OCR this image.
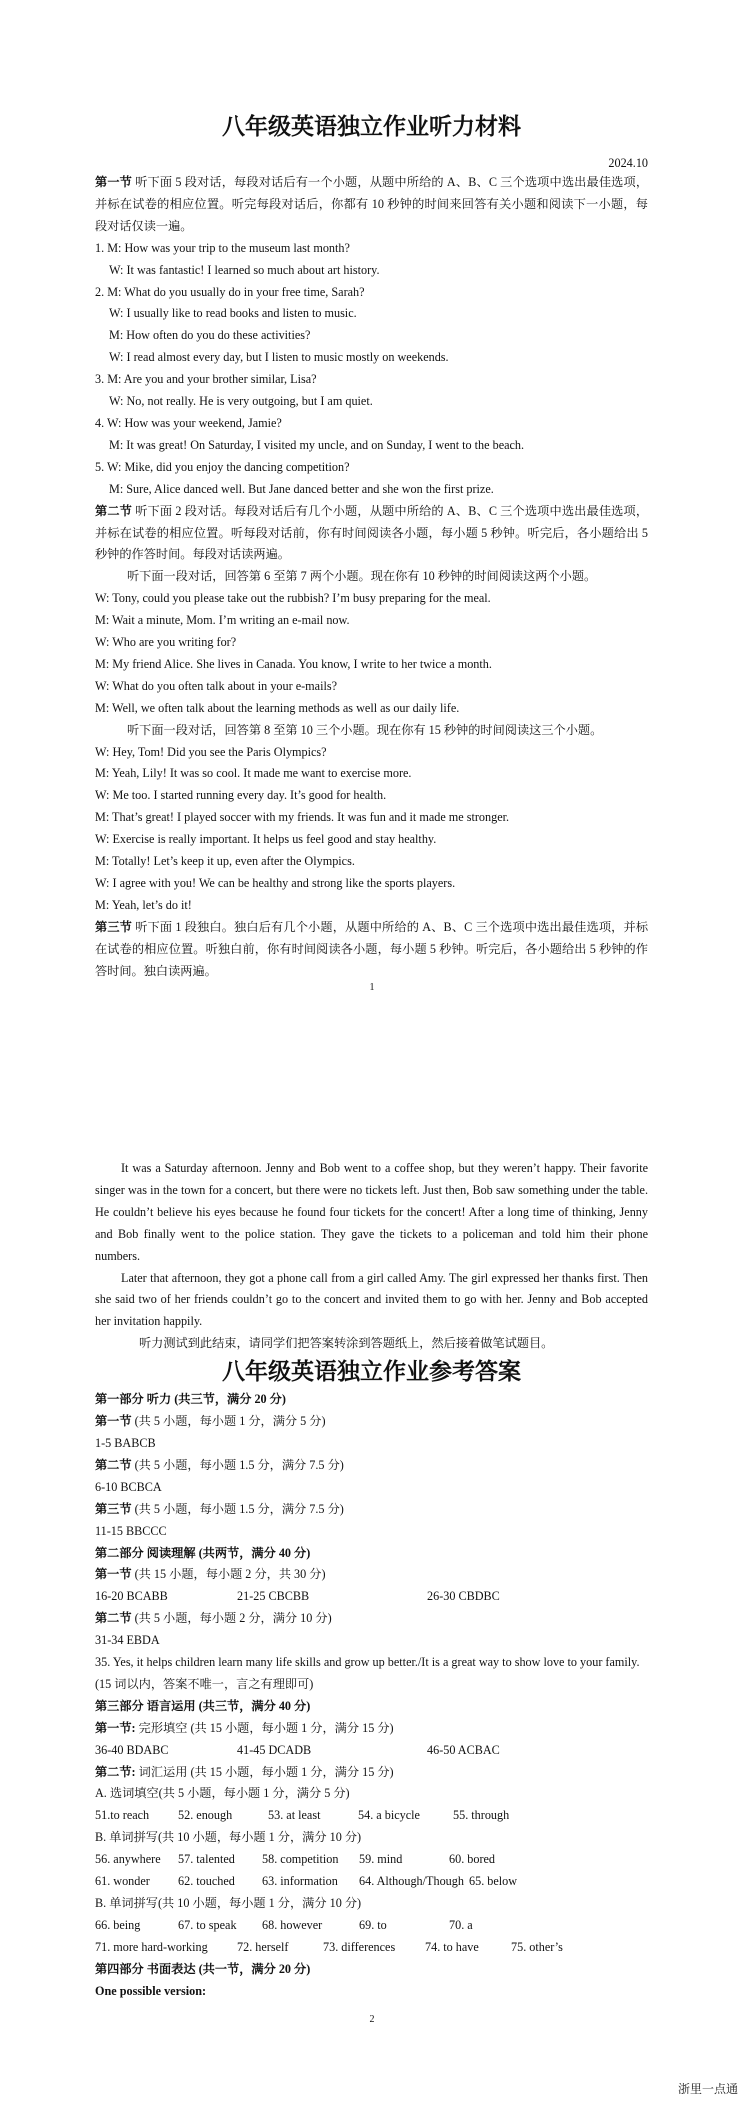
八年级英语独立作业听力材料
2024.10
第一节 听下面 5 段对话，每段对话后有一个小题，从题中所给的 A、B、C 三个选项中选出最佳选项，并标在试卷的相应位置。听完每段对话后，你都有 10 秒钟的时间来回答有关小题和阅读下一小题，每段对话仅读一遍。
1. M: How was your trip to the museum last month?
W: It was fantastic! I learned so much about art history.
2. M: What do you usually do in your free time, Sarah?
W: I usually like to read books and listen to music.
M: How often do you do these activities?
W: I read almost every day, but I listen to music mostly on weekends.
3. M: Are you and your brother similar, Lisa?
W: No, not really. He is very outgoing, but I am quiet.
4. W: How was your weekend, Jamie?
M: It was great! On Saturday, I visited my uncle, and on Sunday, I went to the beach.
5. W: Mike, did you enjoy the dancing competition?
M: Sure, Alice danced well. But Jane danced better and she won the first prize.
第二节 听下面 2 段对话。每段对话后有几个小题，从题中所给的 A、B、C 三个选项中选出最佳选项，并标在试卷的相应位置。听每段对话前，你有时间阅读各小题，每小题 5 秒钟。听完后，各小题给出 5 秒钟的作答时间。每段对话读两遍。
听下面一段对话，回答第 6 至第 7 两个小题。现在你有 10 秒钟的时间阅读这两个小题。
W: Tony, could you please take out the rubbish? I’m busy preparing for the meal.
M: Wait a minute, Mom. I’m writing an e-mail now.
W: Who are you writing for?
M: My friend Alice. She lives in Canada. You know, I write to her twice a month.
W: What do you often talk about in your e-mails?
M: Well, we often talk about the learning methods as well as our daily life.
听下面一段对话，回答第 8 至第 10 三个小题。现在你有 15 秒钟的时间阅读这三个小题。
W: Hey, Tom! Did you see the Paris Olympics?
M: Yeah, Lily! It was so cool. It made me want to exercise more.
W: Me too. I started running every day. It’s good for health.
M: That’s great! I played soccer with my friends. It was fun and it made me stronger.
W: Exercise is really important. It helps us feel good and stay healthy.
M: Totally! Let’s keep it up, even after the Olympics.
W: I agree with you! We can be healthy and strong like the sports players.
M: Yeah, let’s do it!
第三节 听下面 1 段独白。独白后有几个小题，从题中所给的 A、B、C 三个选项中选出最佳选项，并标在试卷的相应位置。听独白前，你有时间阅读各小题，每小题 5 秒钟。听完后，各小题给出 5 秒钟的作答时间。独白读两遍。
1
It was a Saturday afternoon. Jenny and Bob went to a coffee shop, but they weren’t happy. Their favorite singer was in the town for a concert, but there were no tickets left. Just then, Bob saw something under the table. He couldn’t believe his eyes because he found four tickets for the concert! After a long time of thinking, Jenny and Bob finally went to the police station. They gave the tickets to a policeman and told him their phone numbers.
Later that afternoon, they got a phone call from a girl called Amy. The girl expressed her thanks first. Then she said two of her friends couldn’t go to the concert and invited them to go with her. Jenny and Bob accepted her invitation happily.
听力测试到此结束，请同学们把答案转涂到答题纸上，然后接着做笔试题目。
八年级英语独立作业参考答案
第一部分 听力 (共三节，满分 20 分)
第一节 (共 5 小题，每小题 1 分，满分 5 分)
1-5 BABCB
第二节 (共 5 小题，每小题 1.5 分，满分 7.5 分)
6-10 BCBCA
第三节 (共 5 小题，每小题 1.5 分，满分 7.5 分)
11-15 BBCCC
第二部分 阅读理解 (共两节，满分 40 分)
第一节 (共 15 小题，每小题 2 分，共 30 分)
16-20 BCABB	21-25 CBCBB	26-30 CBDBC
第二节 (共 5 小题，每小题 2 分，满分 10 分)
31-34 EBDA
35. Yes, it helps children learn many life skills and grow up better./It is a great way to show love to your family.
(15 词以内，答案不唯一，言之有理即可)
第三部分 语言运用 (共三节，满分 40 分)
第一节: 完形填空 (共 15 小题，每小题 1 分，满分 15 分)
36-40 BDABC	41-45 DCADB	46-50 ACBAC
第二节: 词汇运用 (共 15 小题，每小题 1 分，满分 15 分)
A. 选词填空(共 5 小题，每小题 1 分，满分 5 分)
51.to reach 52. enough	53. at least	54. a bicycle	55. through
B. 单词拼写(共 10 小题，每小题 1 分，满分 10 分)
56. anywhere 57. talented 58. competition 59. mind	60. bored
61. wonder 62. touched 63. information 64. Although/Though 65. below
B. 单词拼写(共 10 小题，每小题 1 分，满分 10 分)
66. being	67. to speak 68. however	69. to	70. a
71. more hard-working 72. herself	73. differences 74. to have	75. other’s
第四部分 书面表达 (共一节，满分 20 分)
One possible version:
2
浙里一点通
